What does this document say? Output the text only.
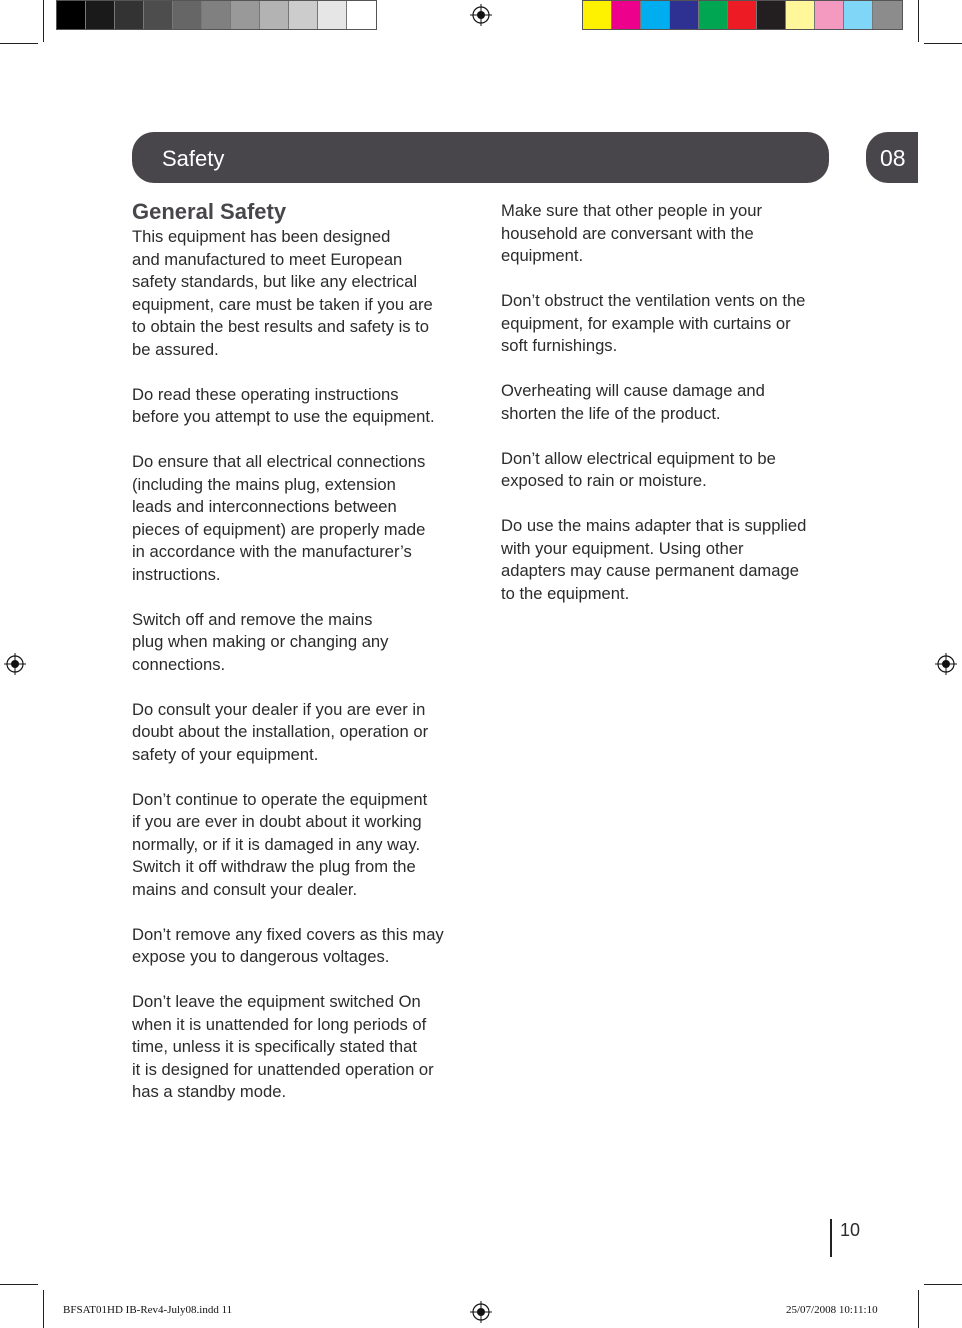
Safety	08
General Safety

This equipment has been designed
and manufactured to meet European
safety standards, but like any electrical
equipment, care must be taken if you are
to obtain the best results and safety is to
be assured.

Do read these operating instructions
before you attempt to use the equipment.

Do ensure that all electrical connections
(including the mains plug, extension
leads and interconnections between
pieces of equipment) are properly made
in accordance with the manufacturer’s
instructions.

Switch off and remove the mains
plug when making or changing any
connections.

Do consult your dealer if you are ever in
doubt about the installation, operation or
safety of your equipment.

Don’t continue to operate the equipment
if you are ever in doubt about it working
normally, or if it is damaged in any way.
Switch it off withdraw the plug from the
mains and consult your dealer.

Don’t remove any fixed covers as this may
expose you to dangerous voltages.

Don’t leave the equipment switched On
when it is unattended for long periods of
time, unless it is specifically stated that
it is designed for unattended operation or
has a standby mode.

Make sure that other people in your
household are conversant with the
equipment.

Don’t obstruct the ventilation vents on the
equipment, for example with curtains or
soft furnishings.

Overheating will cause damage and
shorten the life of the product.

Don’t allow electrical equipment to be
exposed to rain or moisture.

Do use the mains adapter that is supplied
with your equipment. Using other
adapters may cause permanent damage
to the equipment.

10
BFSAT01HD IB-Rev4-July08.indd 11	25/07/2008 10:11:10
